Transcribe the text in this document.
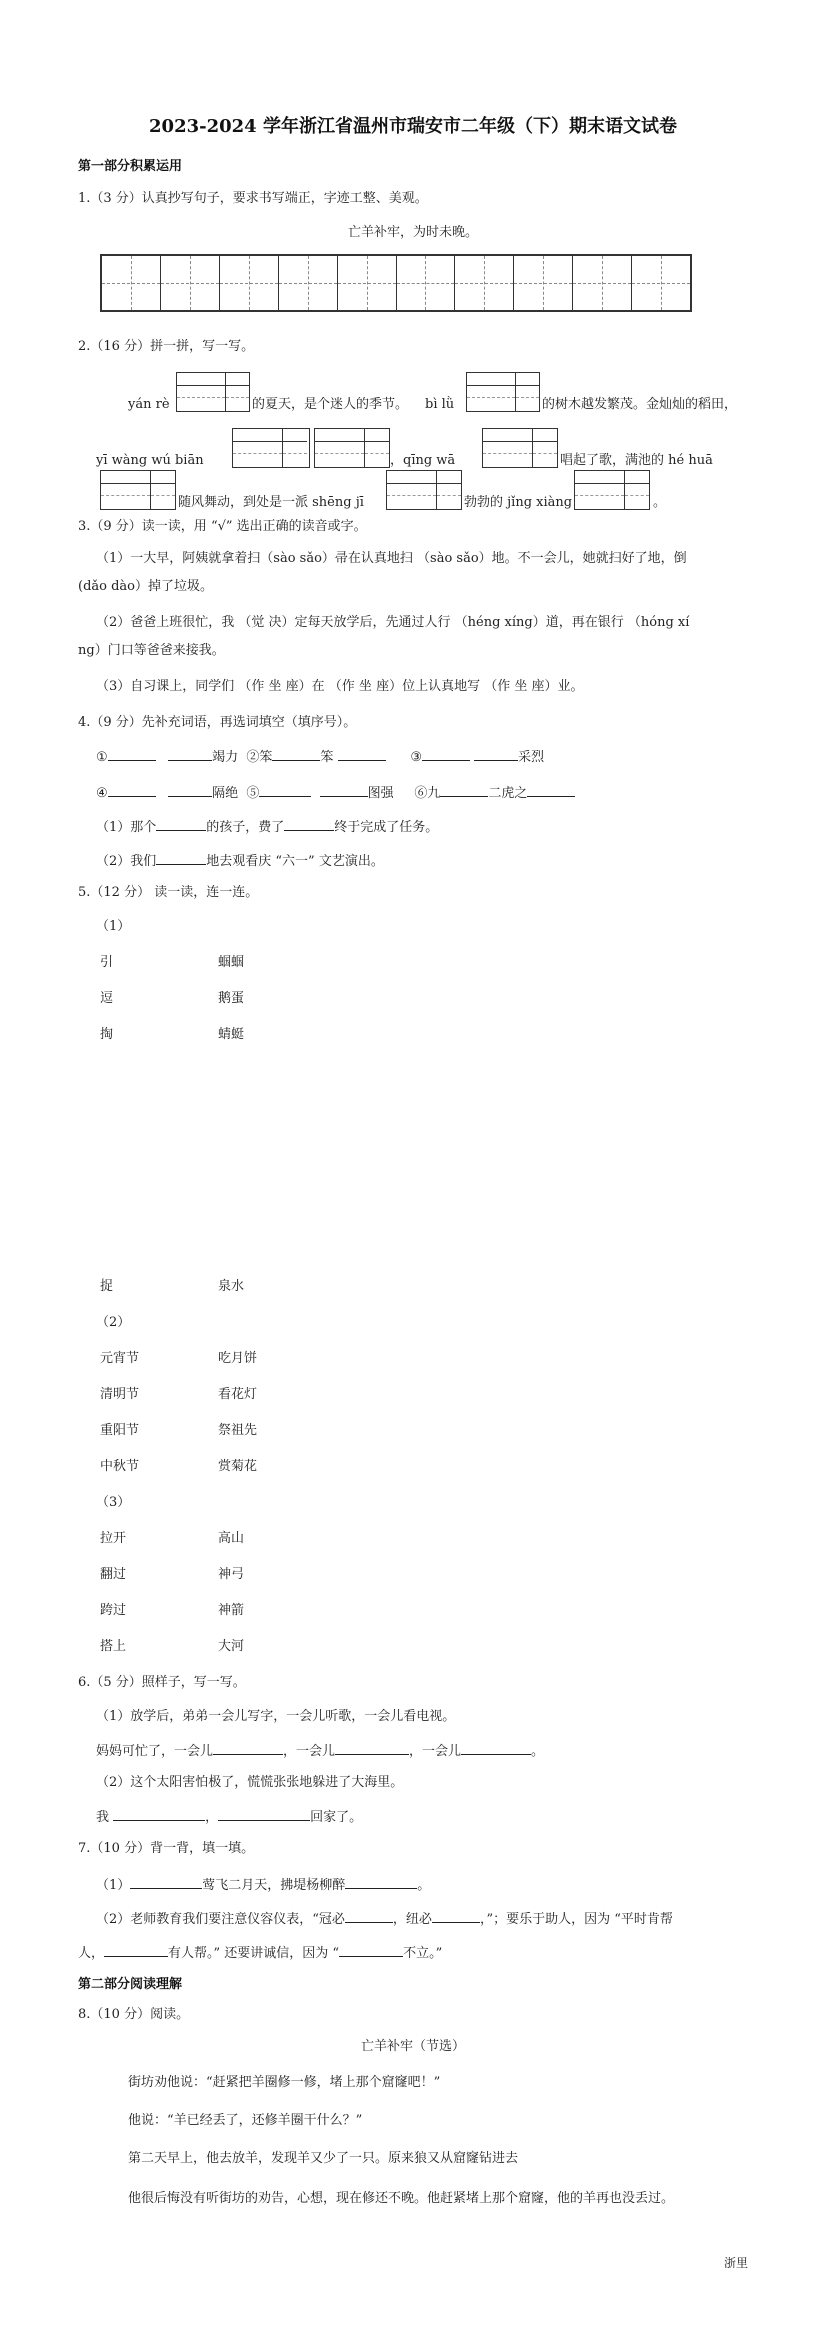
2023-2024 学年浙江省温州市瑞安市二年级（下）期末语文试卷
第一部分积累运用
1.（3 分）认真抄写句子，要求书写端正，字迹工整、美观。
亡羊补牢，为时未晚。
2.（16 分）拼一拼，写一写。
yán rè	的夏天，是个迷人的季节。 bì lǜ	的树木越发繁茂。金灿灿的稻田，
yī wàng wú biān	，qīng wā	唱起了歌，满池的 hé huā
随风舞动，到处是一派 shēng jī	勃勃的 jǐng xiàng	。
3.（9 分）读一读，用 “√” 选出正确的读音或字。
（1）一大早，阿姨就拿着扫（sào sǎo）帚在认真地扫 （sào sǎo）地。不一会儿，她就扫好了地，倒
(dǎo dào）掉了垃圾。
（2）爸爸上班很忙，我 （觉 决）定每天放学后，先通过人行 （héng xíng）道，再在银行 （hóng xí
ng）门口等爸爸来接我。
（3）自习课上，同学们 （作 坐 座）在 （作 坐 座）位上认真地写 （作 坐 座）业。
4.（9 分）先补充词语，再选词填空（填序号）。
①	竭力 ②笨	笨	③	采烈
④	隔绝 ⑤	图强 ⑥九	二虎之
（1）那个	的孩子，费了	终于完成了任务。
（2）我们	地去观看庆 “六一” 文艺演出。
5.（12 分） 读一读，连一连。
（1）
引	蝈蝈
逗	鹅蛋
掏	蜻蜓
捉	泉水
（2）
元宵节	吃月饼
清明节	看花灯
重阳节	祭祖先
中秋节	赏菊花
（3）
拉开	高山
翻过	神弓
跨过	神箭
搭上	大河
6.（5 分）照样子，写一写。
（1）放学后，弟弟一会儿写字，一会儿听歌，一会儿看电视。
妈妈可忙了，一会儿	，一会儿	，一会儿	。
（2）这个太阳害怕极了，慌慌张张地躲进了大海里。
我	，	回家了。
7.（10 分）背一背，填一填。
（1）	莺飞二月天，拂堤杨柳醉	。
（2）老师教育我们要注意仪容仪表，“冠必	，纽必	，”；要乐于助人，因为 “平时肯帮
人，	有人帮。” 还要讲诚信，因为 “	不立。”
第二部分阅读理解
8.（10 分）阅读。
亡羊补牢（节选）
街坊劝他说：“赶紧把羊圈修一修，堵上那个窟窿吧！”
他说：“羊已经丢了，还修羊圈干什么？”
第二天早上，他去放羊，发现羊又少了一只。原来狼又从窟窿钻进去
他很后悔没有听街坊的劝告，心想，现在修还不晚。他赶紧堵上那个窟窿，他的羊再也没丢过。
浙里
